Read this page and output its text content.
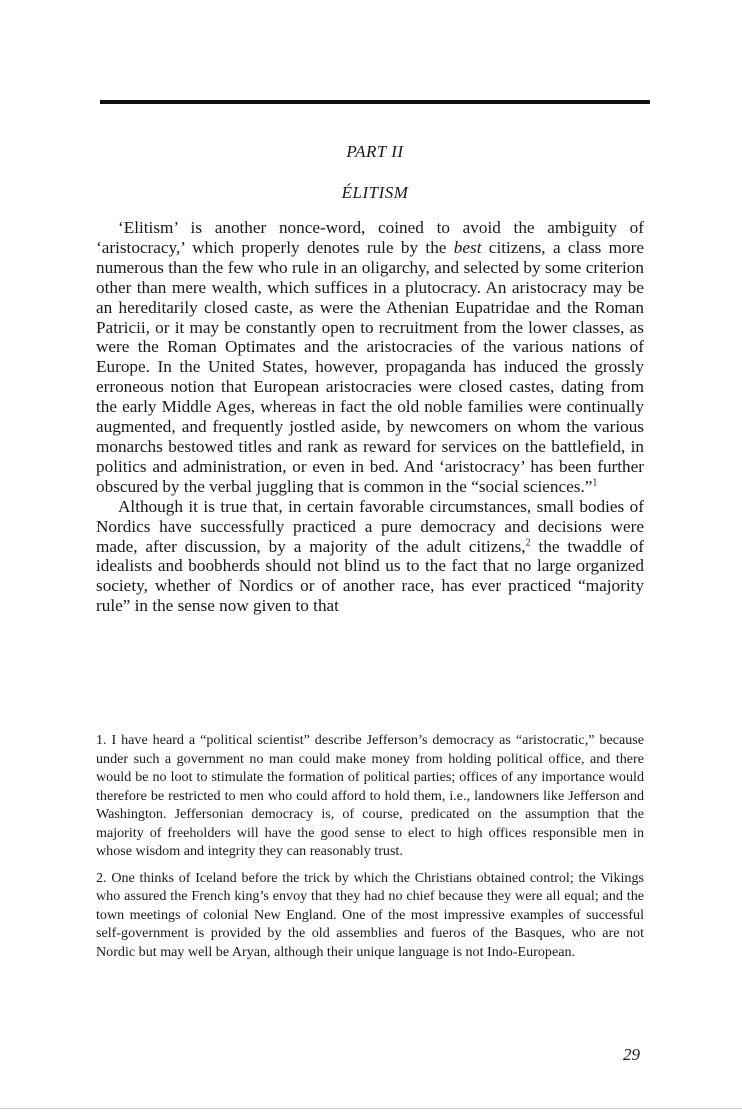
PART II
ÉLITISM

‘Elitism’ is another nonce-word, coined to avoid the ambiguity of ‘aristocracy,’ which properly denotes rule by the best citizens, a class more numerous than the few who rule in an oligarchy, and selected by some criterion other than mere wealth, which suffices in a plutocracy. An aristocracy may be an hereditarily closed caste, as were the Athenian Eupatridae and the Roman Patricii, or it may be constantly open to recruitment from the lower classes, as were the Roman Optimates and the aristocracies of the various nations of Europe. In the United States, however, propaganda has induced the grossly erroneous notion that European aristocracies were closed castes, dating from the early Middle Ages, whereas in fact the old noble families were continually augmented, and frequently jostled aside, by newcomers on whom the various monarchs bestowed titles and rank as reward for services on the battlefield, in politics and administration, or even in bed. And ‘aristocracy’ has been further obscured by the verbal juggling that is common in the “social sciences.”$^1$

Although it is true that, in certain favorable circumstances, small bodies of Nordics have successfully practiced a pure democracy and decisions were made, after discussion, by a majority of the adult citizens,$^2$ the twaddle of idealists and boobherds should not blind us to the fact that no large organized society, whether of Nordics or of another race, has ever practiced “majority rule” in the sense now given to that

1. I have heard a “political scientist” describe Jefferson’s democracy as “aristocratic,” because under such a government no man could make money from holding political office, and there would be no loot to stimulate the formation of political parties; offices of any importance would therefore be restricted to men who could afford to hold them, i.e., landowners like Jefferson and Washington. Jeffersonian democracy is, of course, predicated on the assumption that the majority of freeholders will have the good sense to elect to high offices responsible men in whose wisdom and integrity they can reasonably trust.

2. One thinks of Iceland before the trick by which the Christians obtained control; the Vikings who assured the French king’s envoy that they had no chief because they were all equal; and the town meetings of colonial New England. One of the most impressive examples of successful self-government is provided by the old assemblies and fueros of the Basques, who are not Nordic but may well be Aryan, although their unique language is not Indo-European.

29
